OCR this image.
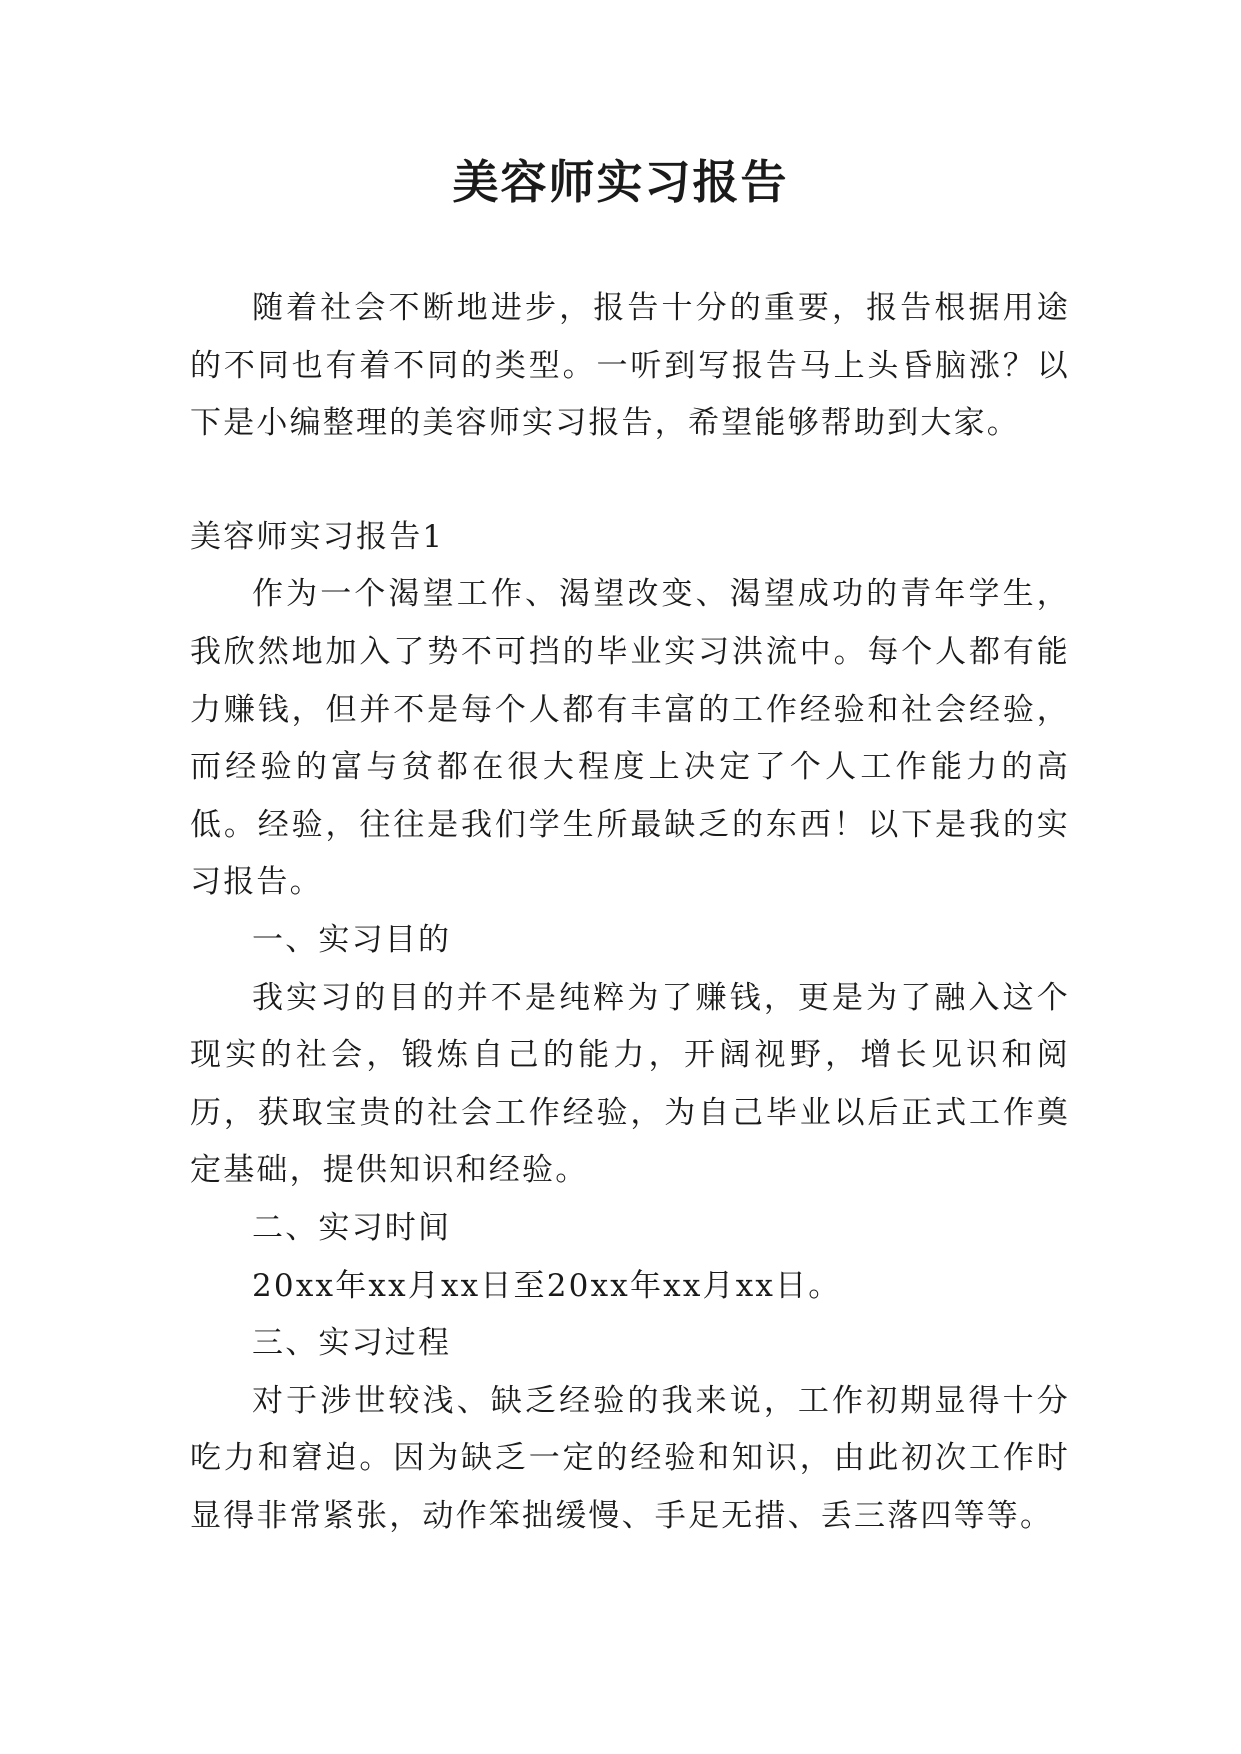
美容师实习报告

随着社会不断地进步，报告十分的重要，报告根据用途的不同也有着不同的类型。一听到写报告马上头昏脑涨？以下是小编整理的美容师实习报告，希望能够帮助到大家。

美容师实习报告1

作为一个渴望工作、渴望改变、渴望成功的青年学生，我欣然地加入了势不可挡的毕业实习洪流中。每个人都有能力赚钱，但并不是每个人都有丰富的工作经验和社会经验，而经验的富与贫都在很大程度上决定了个人工作能力的高低。经验，往往是我们学生所最缺乏的东西！以下是我的实习报告。

一、实习目的

我实习的目的并不是纯粹为了赚钱，更是为了融入这个现实的社会，锻炼自己的能力，开阔视野，增长见识和阅历，获取宝贵的社会工作经验，为自己毕业以后正式工作奠定基础，提供知识和经验。

二、实习时间

20xx年xx月xx日至20xx年xx月xx日。

三、实习过程

对于涉世较浅、缺乏经验的我来说，工作初期显得十分吃力和窘迫。因为缺乏一定的经验和知识，由此初次工作时显得非常紧张，动作笨拙缓慢、手足无措、丢三落四等等。
